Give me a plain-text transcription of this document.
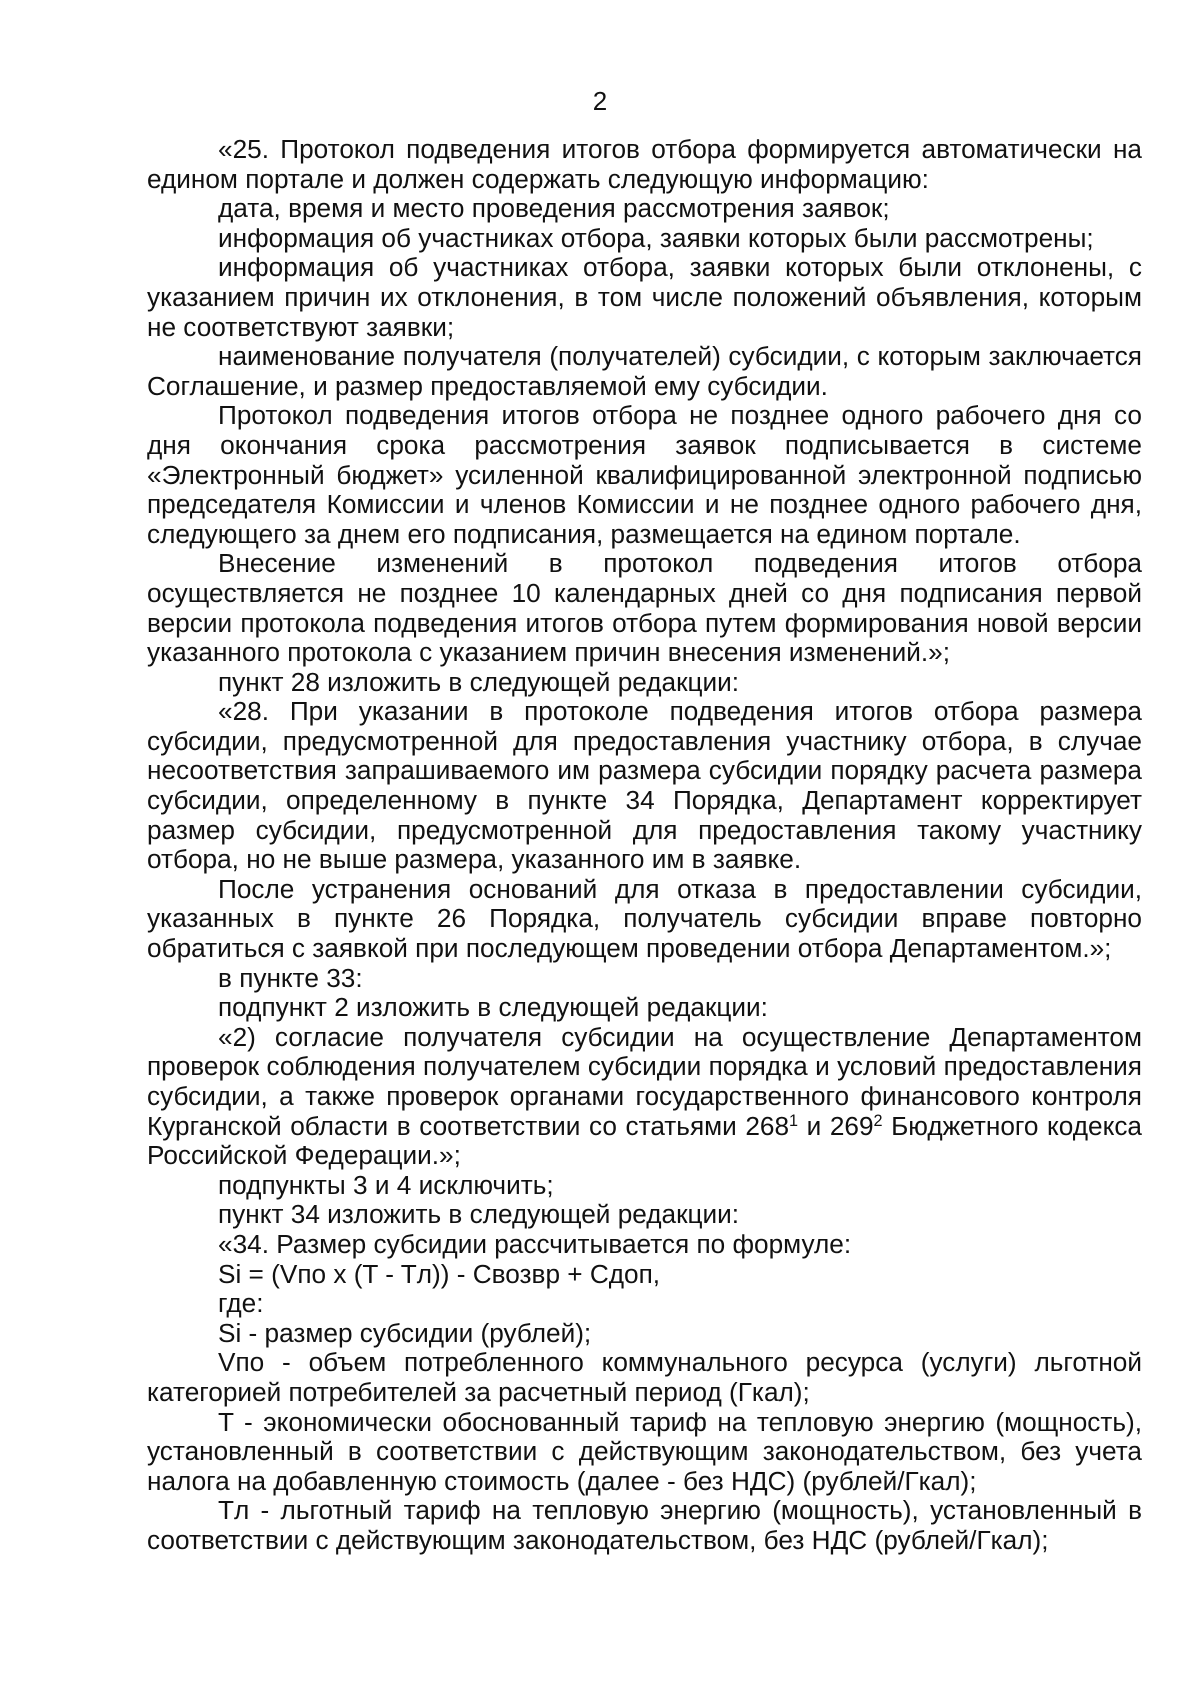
2

«25. Протокол подведения итогов отбора формируется автоматически на едином портале и должен содержать следующую информацию:

дата, время и место проведения рассмотрения заявок;

информация об участниках отбора, заявки которых были рассмотрены;

информация об участниках отбора, заявки которых были отклонены, с указанием причин их отклонения, в том числе положений объявления, которым не соответствуют заявки;

наименование получателя (получателей) субсидии, с которым заключается Соглашение, и размер предоставляемой ему субсидии.

Протокол подведения итогов отбора не позднее одного рабочего дня со дня окончания срока рассмотрения заявок подписывается в системе «Электронный бюджет» усиленной квалифицированной электронной подписью председателя Комиссии и членов Комиссии и не позднее одного рабочего дня, следующего за днем его подписания, размещается на едином портале.

Внесение изменений в протокол подведения итогов отбора осуществляется не позднее 10 календарных дней со дня подписания первой версии протокола подведения итогов отбора путем формирования новой версии указанного протокола с указанием причин внесения изменений.»;

пункт 28 изложить в следующей редакции:

«28. При указании в протоколе подведения итогов отбора размера субсидии, предусмотренной для предоставления участнику отбора, в случае несоответствия запрашиваемого им размера субсидии порядку расчета размера субсидии, определенному в пункте 34 Порядка, Департамент корректирует размер субсидии, предусмотренной для предоставления такому участнику отбора, но не выше размера, указанного им в заявке.

После устранения оснований для отказа в предоставлении субсидии, указанных в пункте 26 Порядка, получатель субсидии вправе повторно обратиться с заявкой при последующем проведении отбора Департаментом.»;

в пункте 33:

подпункт 2 изложить в следующей редакции:

«2) согласие получателя субсидии на осуществление Департаментом проверок соблюдения получателем субсидии порядка и условий предоставления субсидии, а также проверок органами государственного финансового контроля Курганской области в соответствии со статьями $268^1$ и $269^2$ Бюджетного кодекса Российской Федерации.»;

подпункты 3 и 4 исключить;

пункт 34 изложить в следующей редакции:

«34. Размер субсидии рассчитывается по формуле:

Si = (Vпо x (T - Tл)) - Свозвр + Сдоп,

где:

Si - размер субсидии (рублей);

Vпо - объем потребленного коммунального ресурса (услуги) льготной категорией потребителей за расчетный период (Гкал);

T - экономически обоснованный тариф на тепловую энергию (мощность), установленный в соответствии с действующим законодательством, без учета налога на добавленную стоимость (далее - без НДС) (рублей/Гкал);

Tл - льготный тариф на тепловую энергию (мощность), установленный в соответствии с действующим законодательством, без НДС (рублей/Гкал);
